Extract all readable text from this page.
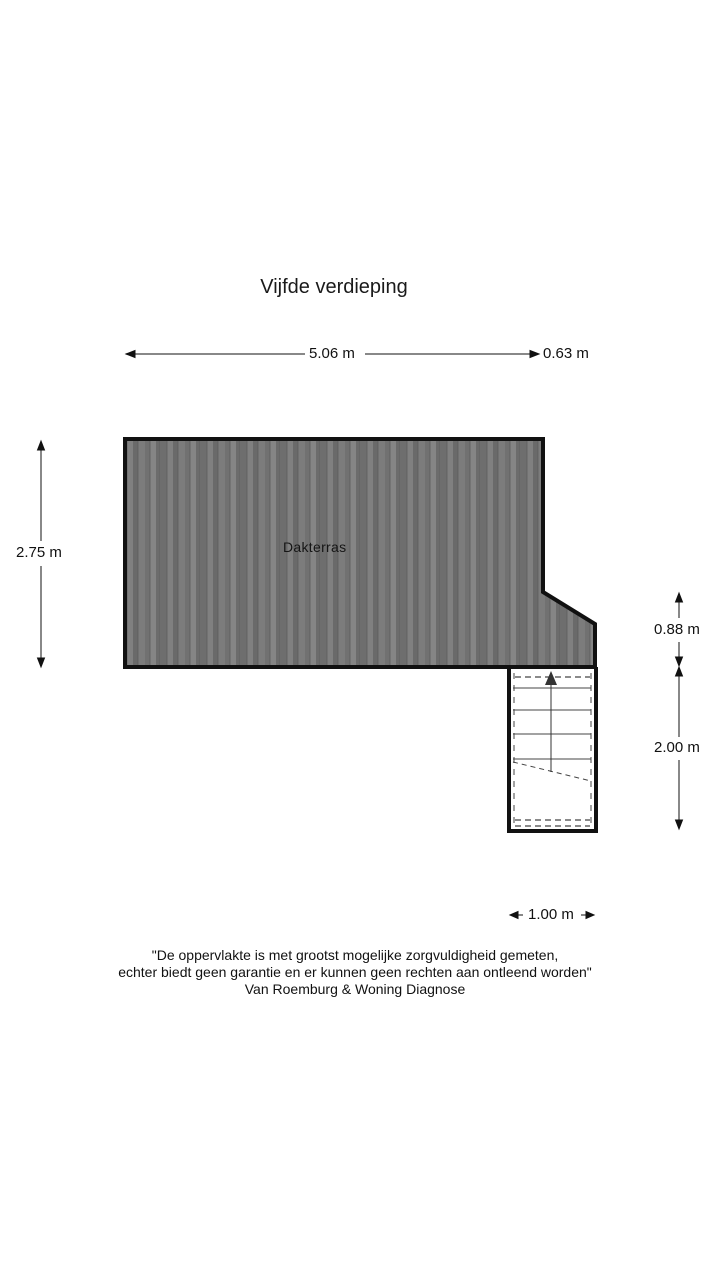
Vijfde verdieping
Dakterras
5.06 m	0.63 m
2.75 m
0.88 m
2.00 m
1.00 m
"De oppervlakte is met grootst mogelijke zorgvuldigheid gemeten,
echter biedt geen garantie en er kunnen geen rechten aan ontleend worden"
Van Roemburg & Woning Diagnose
